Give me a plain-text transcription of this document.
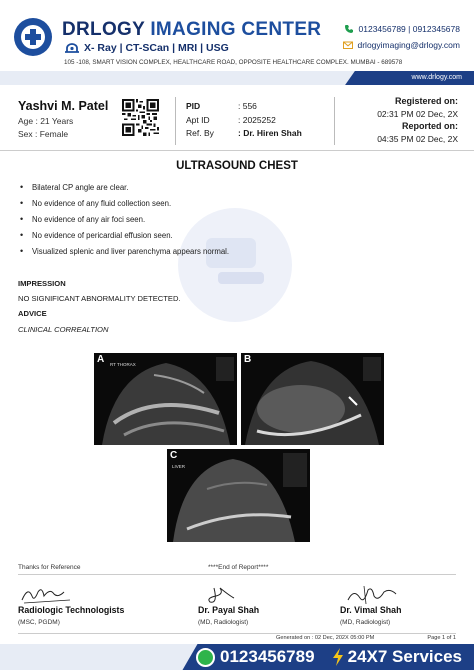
DRLOGY IMAGING CENTER
X- Ray | CT-SCan | MRI | USG
0123456789 | 0912345678
drlogyimaging@drlogy.com
105 -108, SMART VISION COMPLEX, HEALTHCARE ROAD, OPPOSITE HEALTHCARE COMPLEX. MUMBAI - 689578
www.drlogy.com
Yashvi M. Patel
Age : 21 Years
Sex : Female
PID	: 556
Apt ID	: 2025252
Ref. By	: Dr. Hiren Shah
Registered on:
02:31 PM 02 Dec, 2X
Reported on:
04:35 PM 02 Dec, 2X
ULTRASOUND CHEST
• Bilateral CP angle are clear.
• No evidence of any fluid collection seen.
• No evidence of any air foci seen.
• No evidence of pericardial effusion seen.
• Visualized splenic and liver parenchyma appears normal.
IMPRESSION
NO SIGNIFICANT ABNORMALITY DETECTED.
ADVICE
CLINICAL CORREALTION
A RT THORAX	B
C
LIVER
Thanks for Reference	****End of Report****
Radiologic Technologists
(MSC, PGDM)
Dr. Payal Shah
(MD, Radiologist)
Dr. Vimal Shah
(MD, Radiologist)
Generated on : 02 Dec, 202X 05:00 PM	Page 1 of 1
0123456789 24X7 Services
